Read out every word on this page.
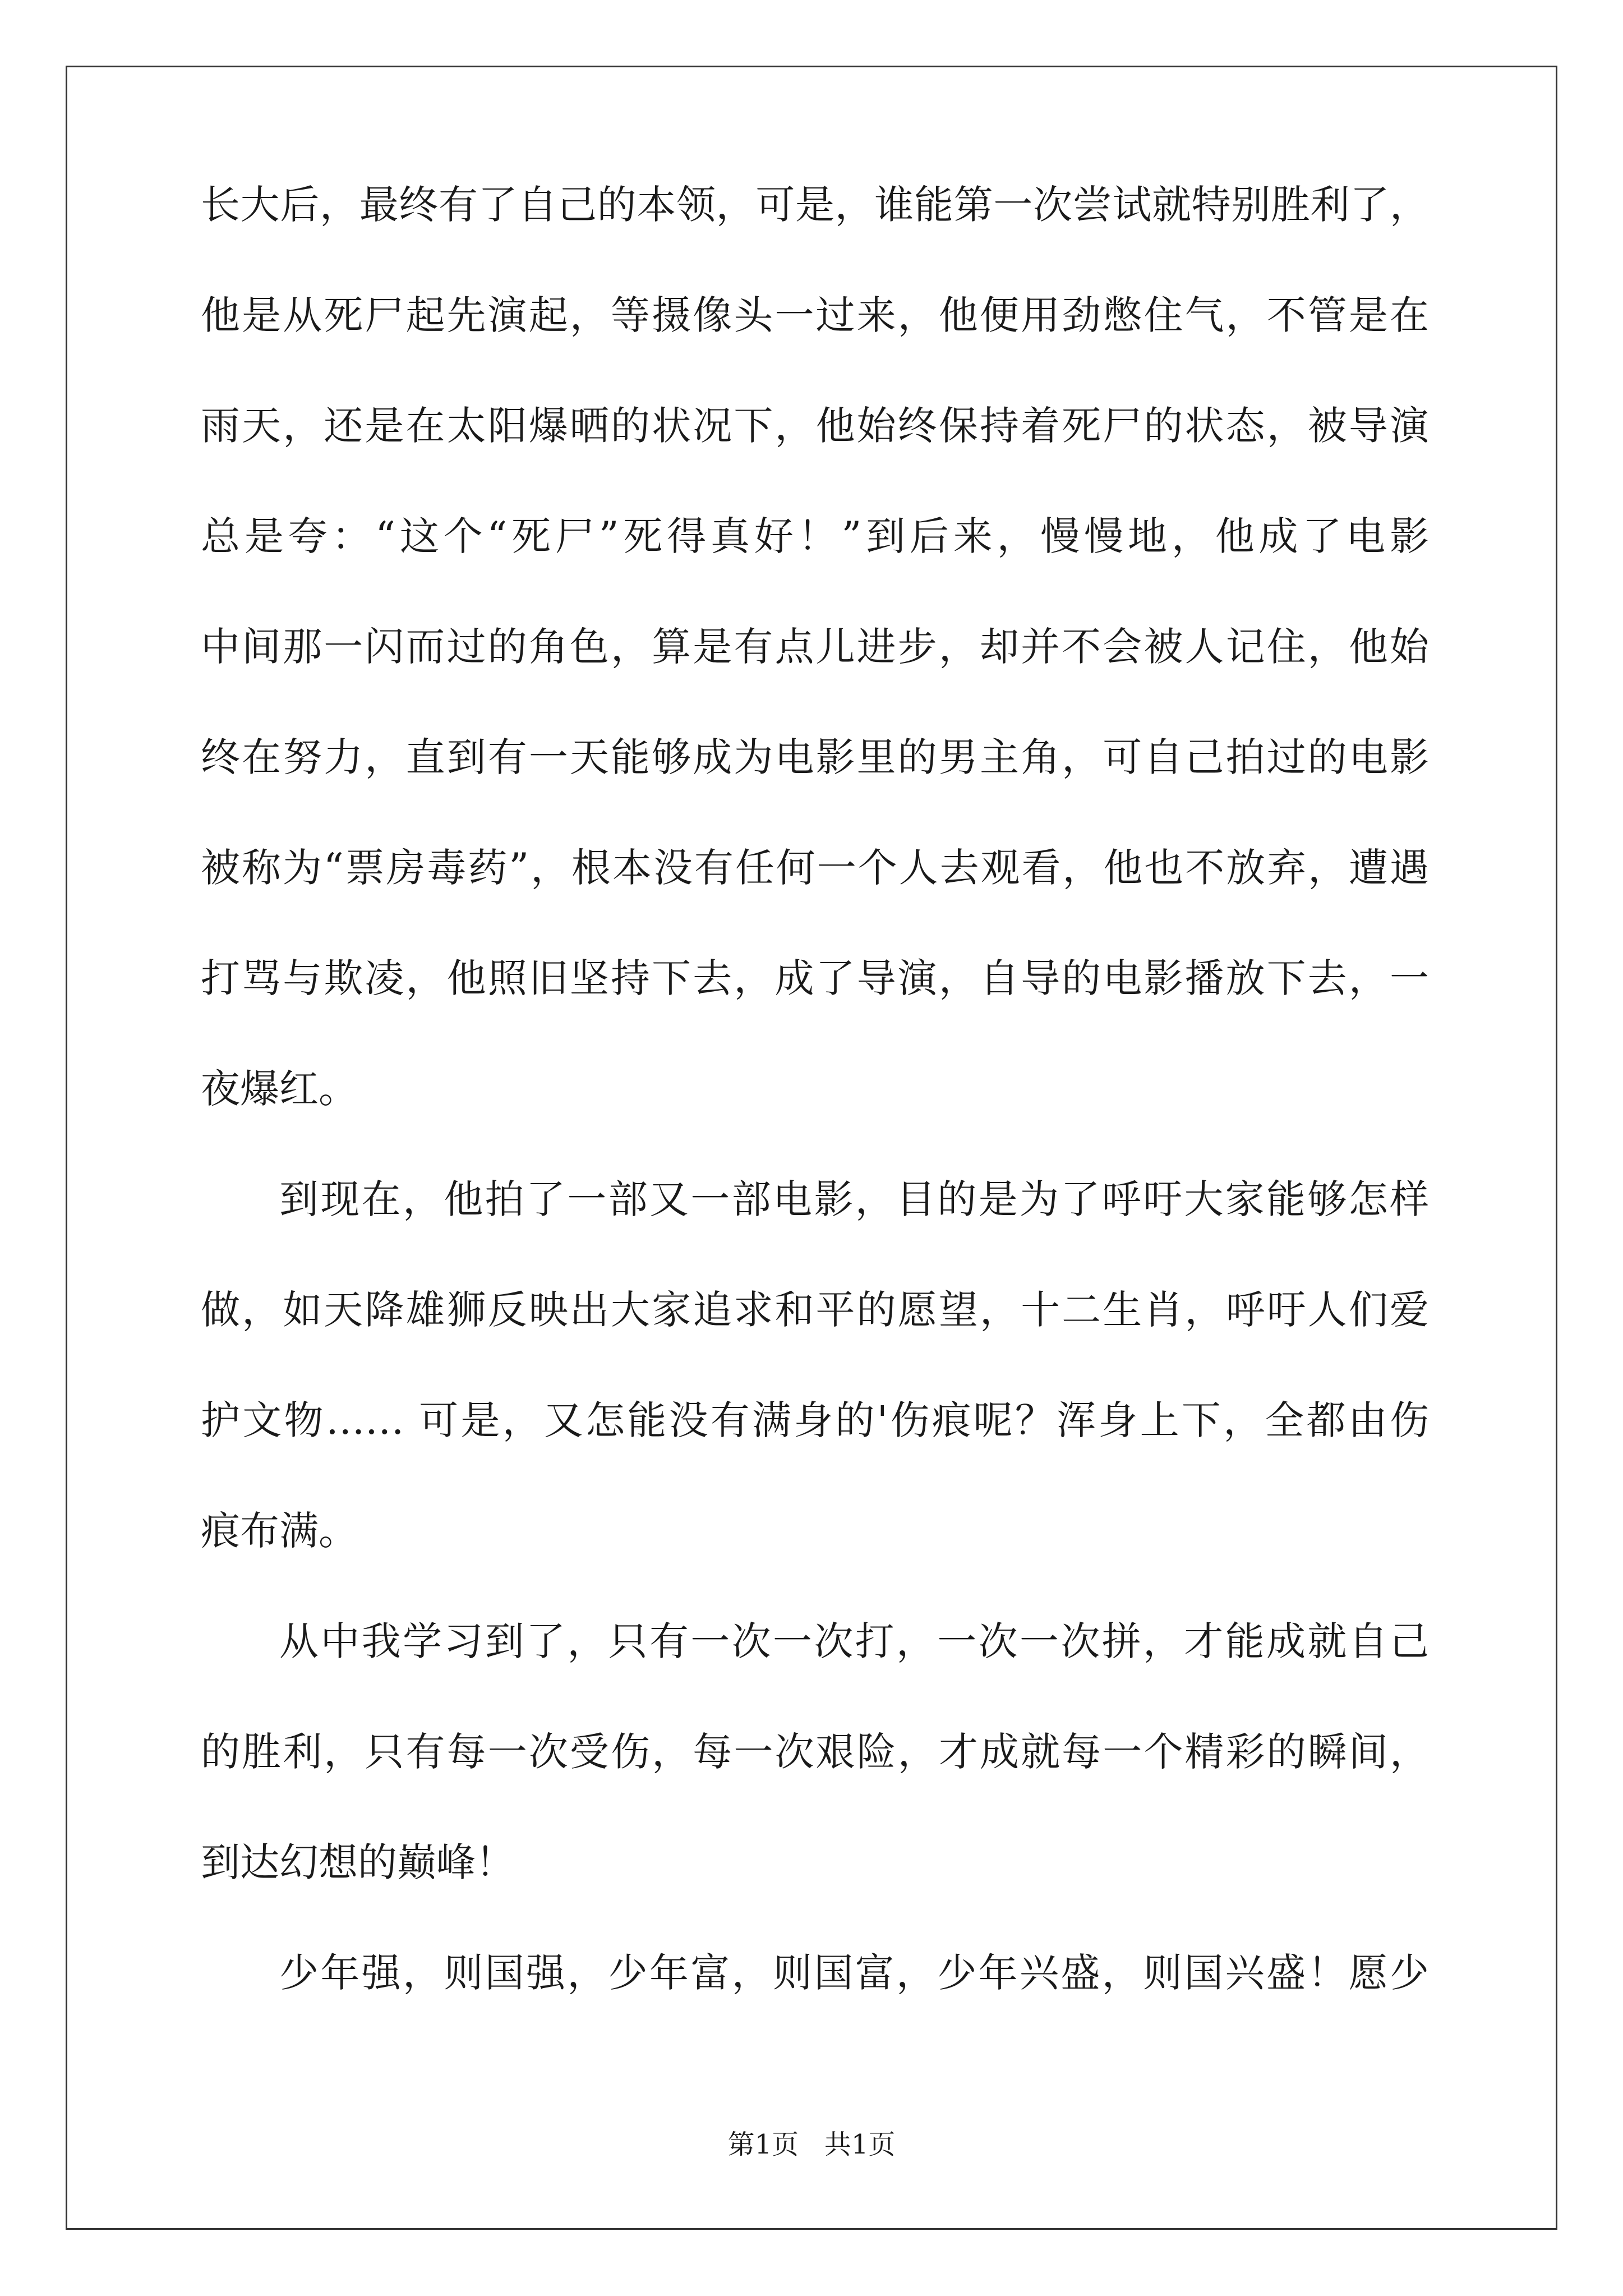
长大后，最终有了自己的本领，可是，谁能第一次尝试就特别胜利了，
他是从死尸起先演起，等摄像头一过来，他便用劲憋住气，不管是在
雨天，还是在太阳爆晒的状况下，他始终保持着死尸的状态，被导演
总是夸：“这个“死尸”死得真好！”到后来，慢慢地，他成了电影
中间那一闪而过的角色，算是有点儿进步，却并不会被人记住，他始
终在努力，直到有一天能够成为电影里的男主角，可自己拍过的电影
被称为“票房毒药”，根本没有任何一个人去观看，他也不放弃，遭遇
打骂与欺凌，他照旧坚持下去，成了导演，自导的电影播放下去，一
夜爆红。
到现在，他拍了一部又一部电影，目的是为了呼吁大家能够怎样
做，如天降雄狮反映出大家追求和平的愿望，十二生肖，呼吁人们爱
护文物…… 可是，又怎能没有满身的'伤痕呢？浑身上下，全都由伤
痕布满。
从中我学习到了，只有一次一次打，一次一次拼，才能成就自己
的胜利，只有每一次受伤，每一次艰险，才成就每一个精彩的瞬间，
到达幻想的巅峰！
少年强，则国强，少年富，则国富，少年兴盛，则国兴盛！愿少
第1页 共1页
